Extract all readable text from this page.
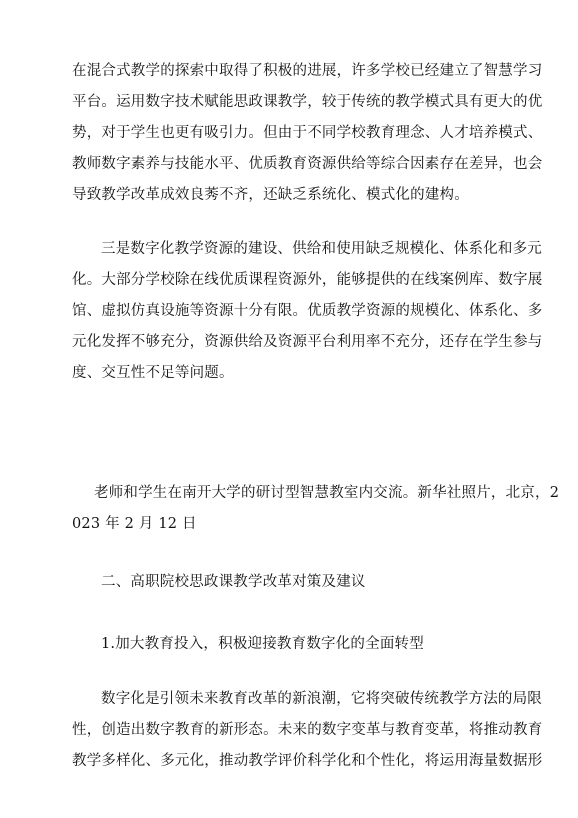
在混合式教学的探索中取得了积极的进展，许多学校已经建立了智慧学习
平台。运用数字技术赋能思政课教学，较于传统的教学模式具有更大的优
势，对于学生也更有吸引力。但由于不同学校教育理念、人才培养模式、
教师数字素养与技能水平、优质教育资源供给等综合因素存在差异，也会
导致教学改革成效良莠不齐，还缺乏系统化、模式化的建构。
三是数字化教学资源的建设、供给和使用缺乏规模化、体系化和多元
化。大部分学校除在线优质课程资源外，能够提供的在线案例库、数字展
馆、虚拟仿真设施等资源十分有限。优质教学资源的规模化、体系化、多
元化发挥不够充分，资源供给及资源平台利用率不充分，还存在学生参与
度、交互性不足等问题。
老师和学生在南开大学的研讨型智慧教室内交流。新华社照片，北京，2
023 年 2 月 12 日
二、高职院校思政课教学改革对策及建议
1.加大教育投入，积极迎接教育数字化的全面转型
数字化是引领未来教育改革的新浪潮，它将突破传统教学方法的局限
性，创造出数字教育的新形态。未来的数字变革与教育变革，将推动教育
教学多样化、多元化，推动教学评价科学化和个性化，将运用海量数据形
